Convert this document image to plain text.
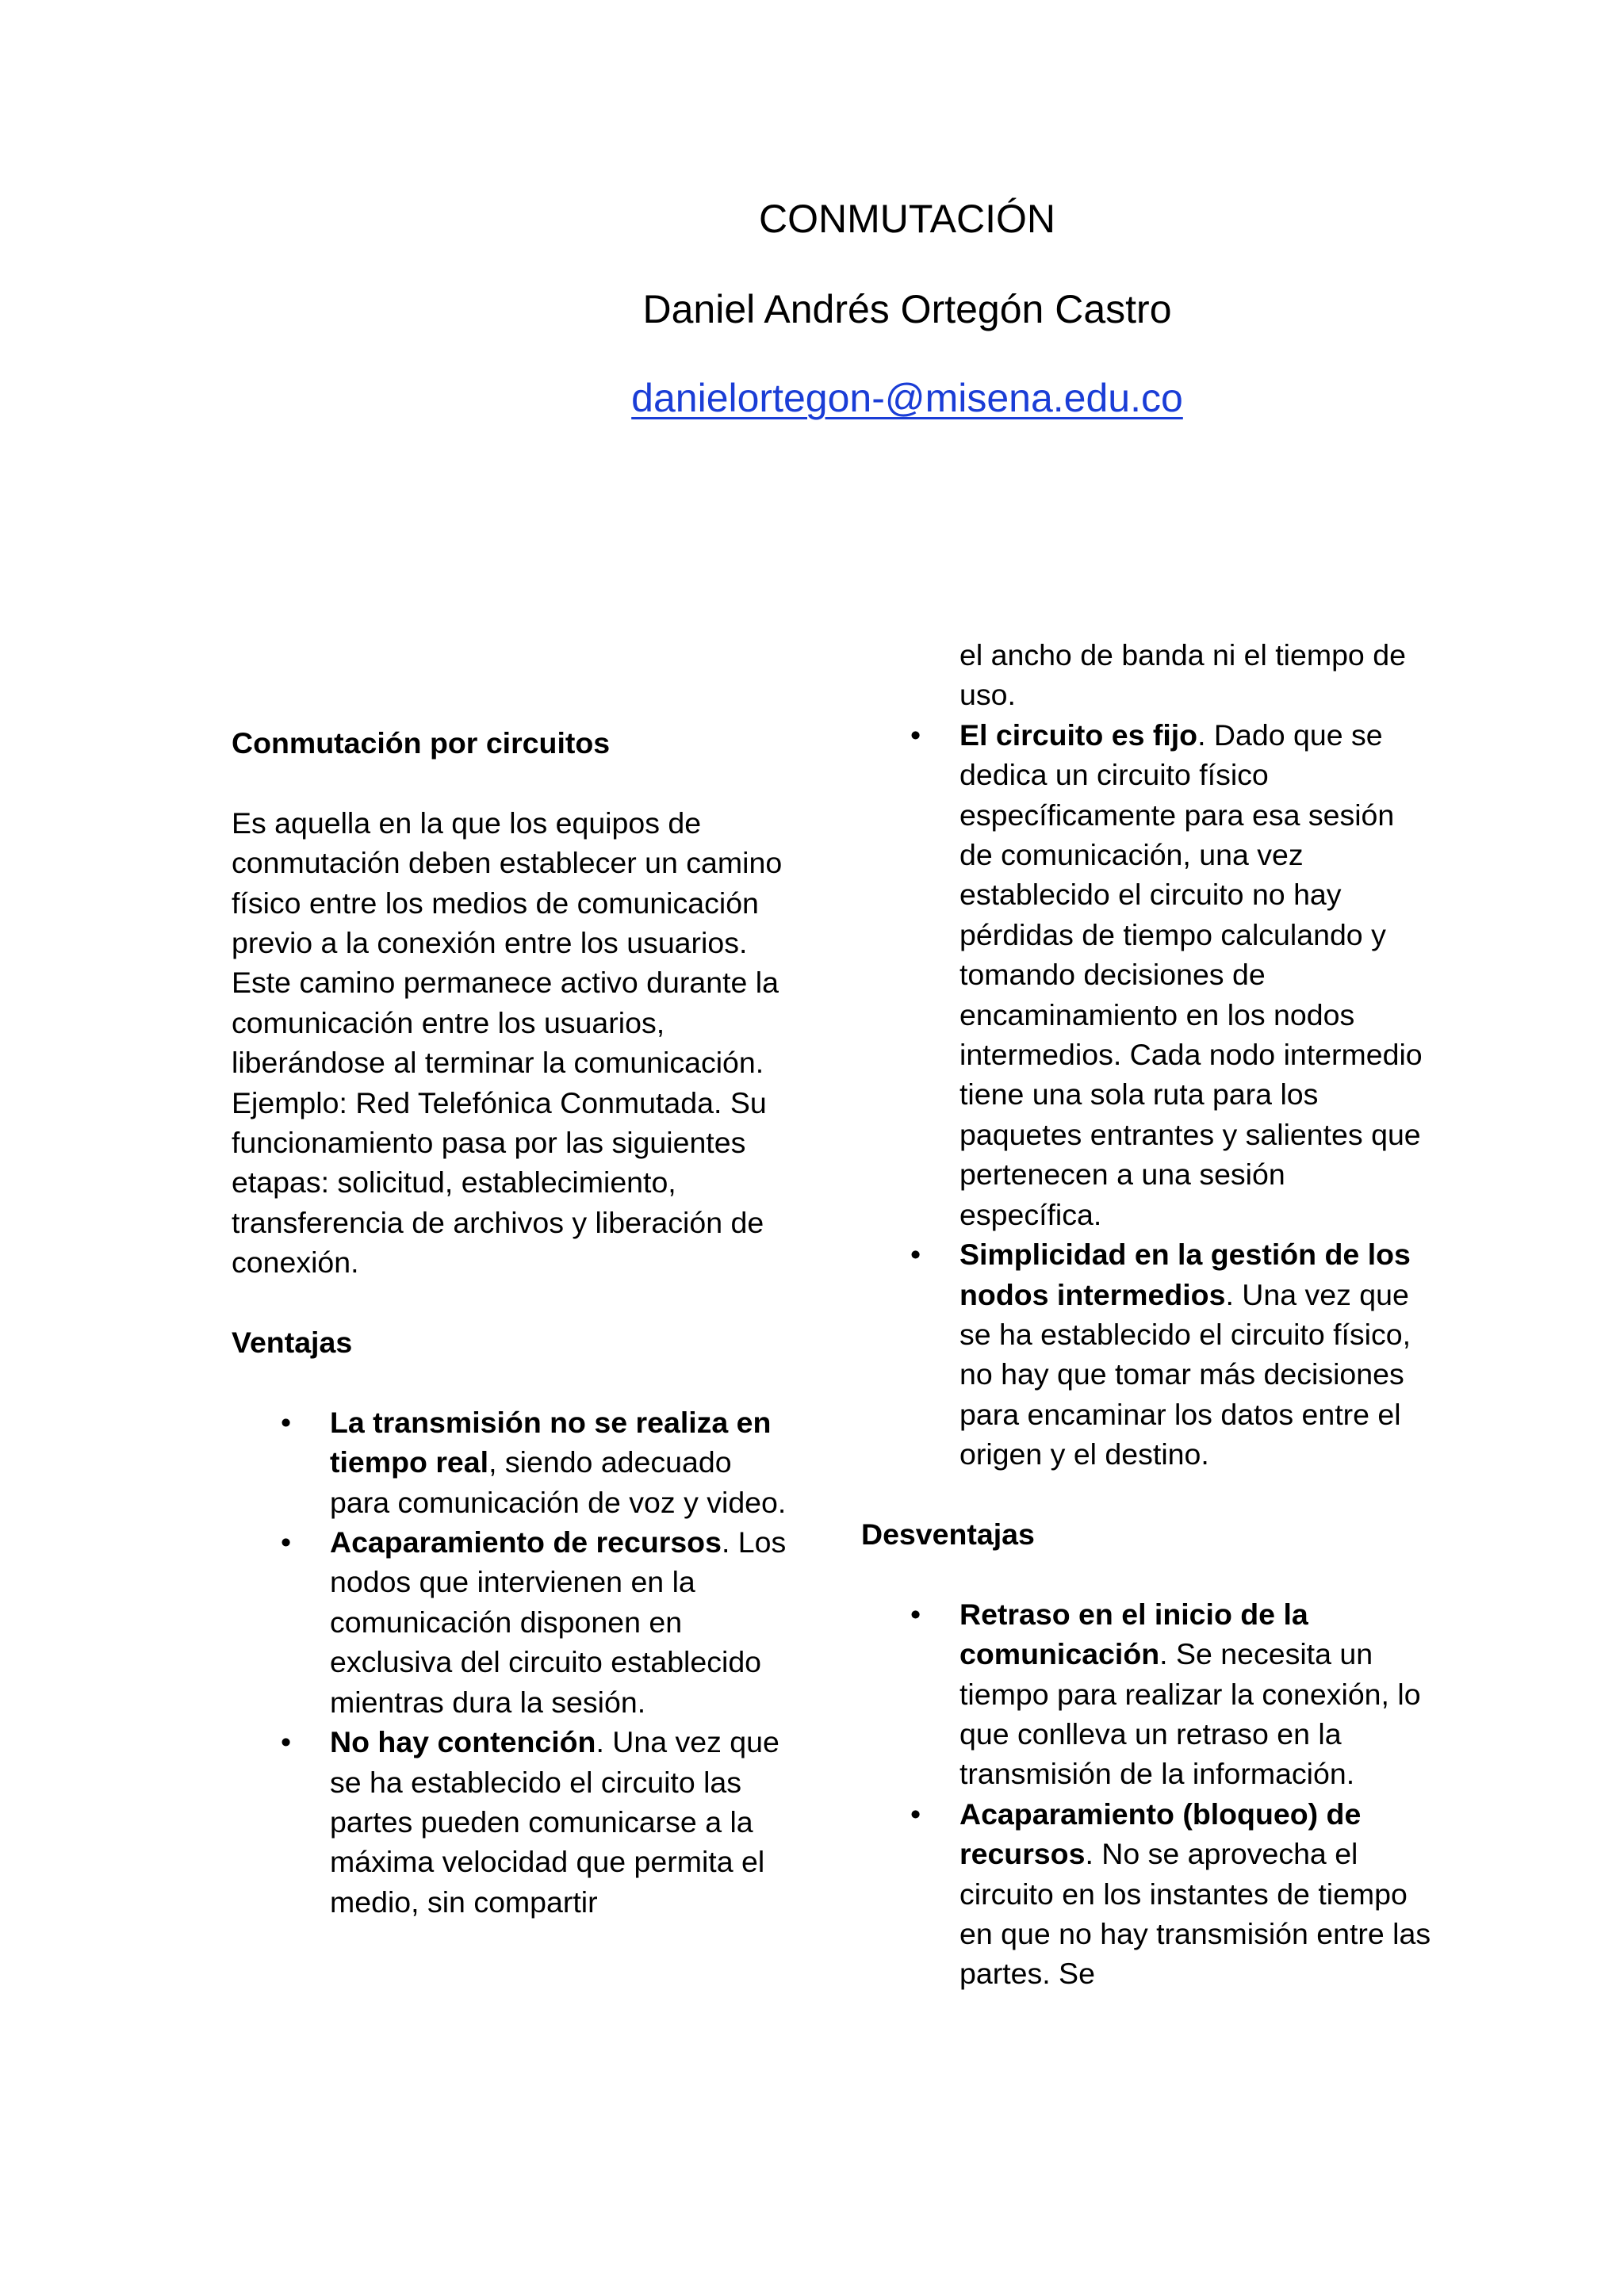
CONMUTACIÓN
Daniel Andrés Ortegón Castro
danielortegon-@misena.edu.co

Conmutación por circuitos

Es aquella en la que los equipos de conmutación deben establecer un camino físico entre los medios de comunicación previo a la conexión entre los usuarios. Este camino permanece activo durante la comunicación entre los usuarios, liberándose al terminar la comunicación. Ejemplo: Red Telefónica Conmutada. Su funcionamiento pasa por las siguientes etapas: solicitud, establecimiento, transferencia de archivos y liberación de conexión.

Ventajas

• La transmisión no se realiza en tiempo real, siendo adecuado para comunicación de voz y video.
• Acaparamiento de recursos. Los nodos que intervienen en la comunicación disponen en exclusiva del circuito establecido mientras dura la sesión.
• No hay contención. Una vez que se ha establecido el circuito las partes pueden comunicarse a la máxima velocidad que permita el medio, sin compartir

el ancho de banda ni el tiempo de uso.

• El circuito es fijo. Dado que se dedica un circuito físico específicamente para esa sesión de comunicación, una vez establecido el circuito no hay pérdidas de tiempo calculando y tomando decisiones de encaminamiento en los nodos intermedios. Cada nodo intermedio tiene una sola ruta para los paquetes entrantes y salientes que pertenecen a una sesión específica.
• Simplicidad en la gestión de los nodos intermedios. Una vez que se ha establecido el circuito físico, no hay que tomar más decisiones para encaminar los datos entre el origen y el destino.

Desventajas

• Retraso en el inicio de la comunicación. Se necesita un tiempo para realizar la conexión, lo que conlleva un retraso en la transmisión de la información.
• Acaparamiento (bloqueo) de recursos. No se aprovecha el circuito en los instantes de tiempo en que no hay transmisión entre las partes. Se
